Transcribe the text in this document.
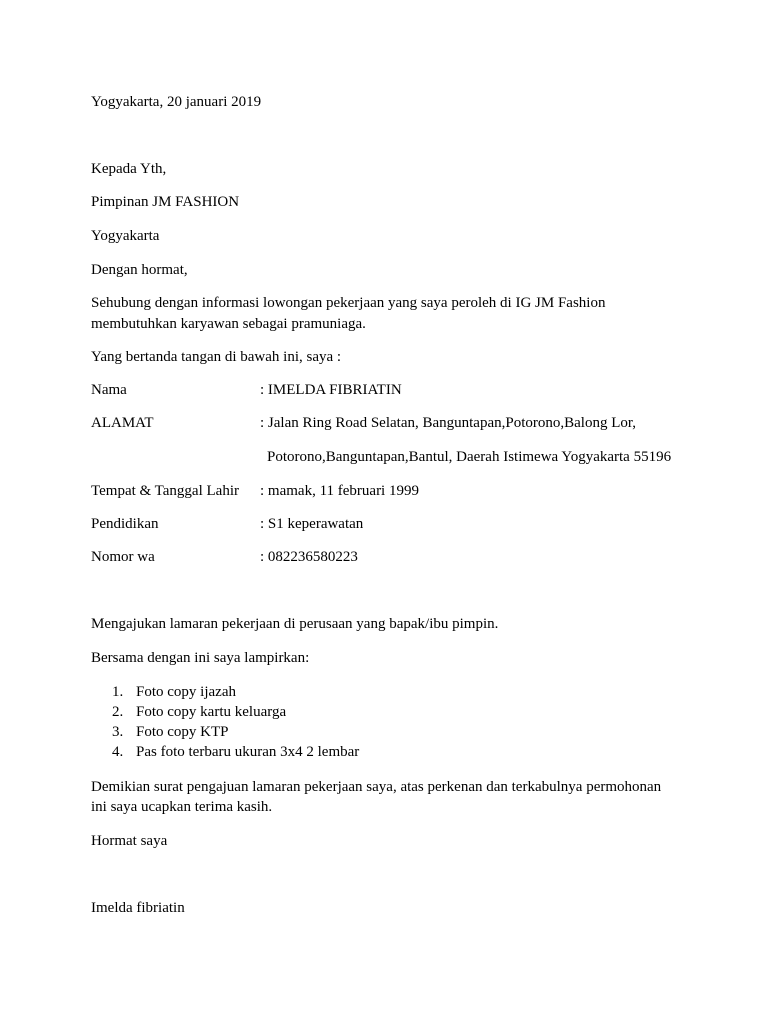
Yogyakarta, 20 januari 2019
Kepada Yth,
Pimpinan JM FASHION
Yogyakarta
Dengan hormat,
Sehubung dengan informasi lowongan pekerjaan yang saya peroleh di IG JM Fashion
membutuhkan karyawan sebagai pramuniaga.
Yang bertanda tangan di bawah ini, saya :
Nama	: IMELDA FIBRIATIN
ALAMAT	: Jalan Ring Road Selatan, Banguntapan,Potorono,Balong Lor,
Potorono,Banguntapan,Bantul, Daerah Istimewa Yogyakarta 55196
Tempat & Tanggal Lahir : mamak, 11 februari 1999
Pendidikan	: S1 keperawatan
Nomor wa	: 082236580223
Mengajukan lamaran pekerjaan di perusaan yang bapak/ibu pimpin.
Bersama dengan ini saya lampirkan:
1. Foto copy ijazah
2. Foto copy kartu keluarga
3. Foto copy KTP
4. Pas foto terbaru ukuran 3x4 2 lembar
Demikian surat pengajuan lamaran pekerjaan saya, atas perkenan dan terkabulnya permohonan
ini saya ucapkan terima kasih.
Hormat saya
Imelda fibriatin
